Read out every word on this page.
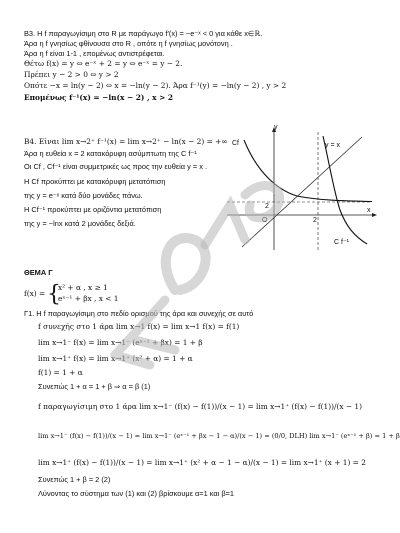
Β3. Η f παραγωγίσιμη στο R με παράγωγο f′(x) = −e⁻ˣ < 0 για κάθε x∈ℝ.
Άρα η f γνησίως φθίνουσα στο R , οπότε η f γνησίως μονότονη .
Άρα η f είναι 1-1 , επομένως αντιστρέφεται.
Θέτω f(x) = y ⇔ e⁻ˣ + 2 = y ⇔ e⁻ˣ = y − 2.
Πρέπει y − 2 > 0 ⇔ y > 2
Οπότε −x = ln(y − 2) ⇔ x = −ln(y − 2). Άρα f⁻¹(y) = −ln(y − 2) , y > 2
Επομένως f⁻¹(x) = −ln(x − 2) , x > 2
Β4. Είναι lim x→2⁺ f⁻¹(x) = lim x→2⁺ − ln(x − 2) = +∞
Άρα η ευθεία x = 2 κατακόρυφη ασύμπτωτη της C f⁻¹
Οι Cf , Cf⁻¹ είναι συμμετρικές ως προς την ευθεία y = x .
Η Cf προκύπτει με κατακόρυφη μετατόπιση
της y = e⁻ˣ κατά δύο μονάδες πάνω.
Η Cf⁻¹ προκύπτει με οριζόντια μετατόπιση
της y = −lnx κατά 2 μονάδες δεξιά.
y
x
Cf	y = x
C f⁻¹
O	2
2
ΘΕΜΑ Γ
f(x) = {
x² + α , x ≥ 1
eˣ⁻¹ + βx , x < 1
Γ1. Η f παραγωγίσιμη στο πεδίο ορισμού της άρα και συνεχής σε αυτό
f συνεχής στο 1 άρα lim x→1 f(x) = lim x→1 f(x) = f(1)
lim x→1⁻ f(x) = lim x→1⁻ (eˣ⁻¹ + βx) = 1 + β
lim x→1⁺ f(x) = lim x→1⁺ (x² + α) = 1 + α
f(1) = 1 + α
Συνεπώς 1 + α = 1 + β ⇒ α = β (1)
f παραγωγίσιμη στο 1 άρα lim x→1⁻ (f(x) − f(1))/(x − 1) = lim x→1⁺ (f(x) − f(1))/(x − 1)
lim x→1⁻ (f(x) − f(1))/(x − 1) = lim x→1⁻ (eˣ⁻¹ + βx − 1 − α)/(x − 1) = (0/0, DLH) lim x→1⁻ (eˣ⁻¹ + β) = 1 + β
lim x→1⁺ (f(x) − f(1))/(x − 1) = lim x→1⁺ (x² + α − 1 − α)/(x − 1) = lim x→1⁺ (x + 1) = 2
Συνεπώς 1 + β = 2 (2)
Λύνοντας το σύστημα των (1) και (2) βρίσκουμε α=1 και β=1
